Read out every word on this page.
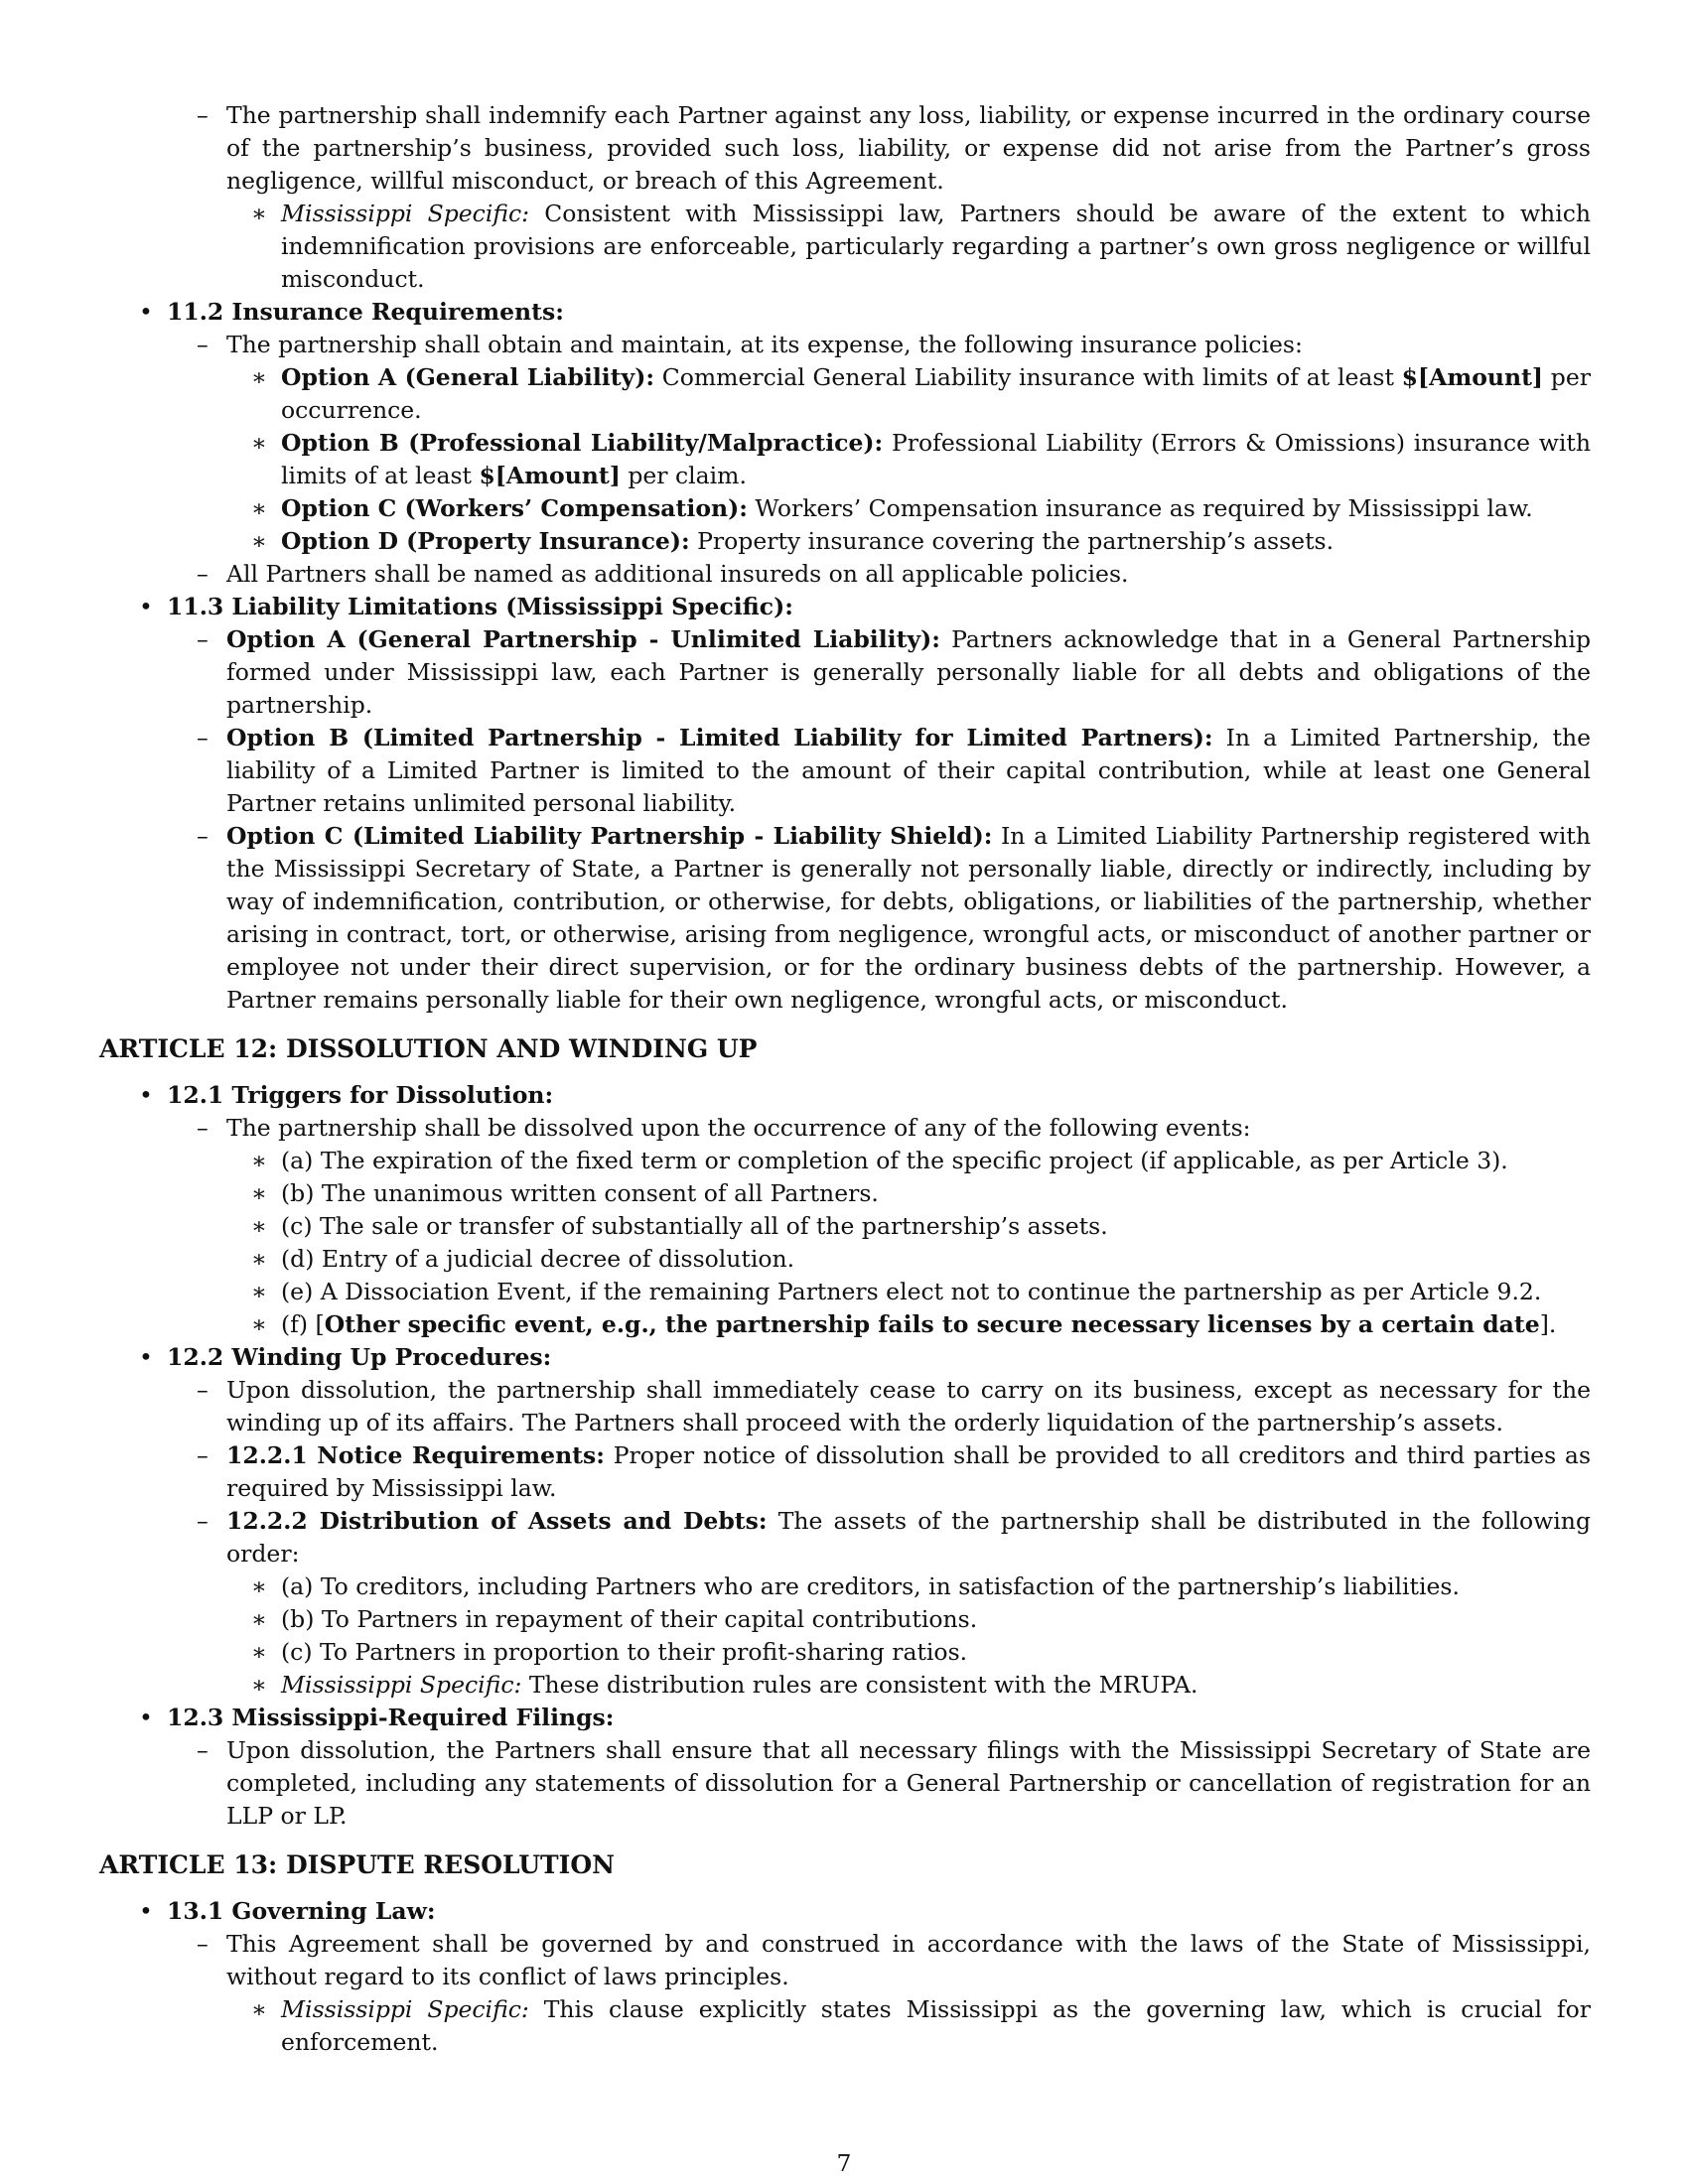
– The partnership shall indemnify each Partner against any loss, liability, or expense incurred in the ordinary course of the partnership’s business, provided such loss, liability, or expense did not arise from the Partner’s gross negligence, willful misconduct, or breach of this Agreement.
∗ Mississippi Specific: Consistent with Mississippi law, Partners should be aware of the extent to which indemnification provisions are enforceable, particularly regarding a partner’s own gross negligence or willful misconduct.
• 11.2 Insurance Requirements:
– The partnership shall obtain and maintain, at its expense, the following insurance policies:
∗ Option A (General Liability): Commercial General Liability insurance with limits of at least $[Amount] per occurrence.
∗ Option B (Professional Liability/Malpractice): Professional Liability (Errors & Omissions) insurance with limits of at least $[Amount] per claim.
∗ Option C (Workers’ Compensation): Workers’ Compensation insurance as required by Mississippi law.
∗ Option D (Property Insurance): Property insurance covering the partnership’s assets.
– All Partners shall be named as additional insureds on all applicable policies.
• 11.3 Liability Limitations (Mississippi Specific):
– Option A (General Partnership - Unlimited Liability): Partners acknowledge that in a General Partnership formed under Mississippi law, each Partner is generally personally liable for all debts and obligations of the partnership.
– Option B (Limited Partnership - Limited Liability for Limited Partners): In a Limited Partnership, the liability of a Limited Partner is limited to the amount of their capital contribution, while at least one General Partner retains unlimited personal liability.
– Option C (Limited Liability Partnership - Liability Shield): In a Limited Liability Partnership registered with the Mississippi Secretary of State, a Partner is generally not personally liable, directly or indirectly, including by way of indemnification, contribution, or otherwise, for debts, obligations, or liabilities of the partnership, whether arising in contract, tort, or otherwise, arising from negligence, wrongful acts, or misconduct of another partner or employee not under their direct supervision, or for the ordinary business debts of the partnership. However, a Partner remains personally liable for their own negligence, wrongful acts, or misconduct.
ARTICLE 12: DISSOLUTION AND WINDING UP
• 12.1 Triggers for Dissolution:
– The partnership shall be dissolved upon the occurrence of any of the following events:
∗ (a) The expiration of the fixed term or completion of the specific project (if applicable, as per Article 3).
∗ (b) The unanimous written consent of all Partners.
∗ (c) The sale or transfer of substantially all of the partnership’s assets.
∗ (d) Entry of a judicial decree of dissolution.
∗ (e) A Dissociation Event, if the remaining Partners elect not to continue the partnership as per Article 9.2.
∗ (f) [Other specific event, e.g., the partnership fails to secure necessary licenses by a certain date].
• 12.2 Winding Up Procedures:
– Upon dissolution, the partnership shall immediately cease to carry on its business, except as necessary for the winding up of its affairs. The Partners shall proceed with the orderly liquidation of the partnership’s assets.
– 12.2.1 Notice Requirements: Proper notice of dissolution shall be provided to all creditors and third parties as required by Mississippi law.
– 12.2.2 Distribution of Assets and Debts: The assets of the partnership shall be distributed in the following order:
∗ (a) To creditors, including Partners who are creditors, in satisfaction of the partnership’s liabilities.
∗ (b) To Partners in repayment of their capital contributions.
∗ (c) To Partners in proportion to their profit-sharing ratios.
∗ Mississippi Specific: These distribution rules are consistent with the MRUPA.
• 12.3 Mississippi-Required Filings:
– Upon dissolution, the Partners shall ensure that all necessary filings with the Mississippi Secretary of State are completed, including any statements of dissolution for a General Partnership or cancellation of registration for an LLP or LP.
ARTICLE 13: DISPUTE RESOLUTION
• 13.1 Governing Law:
– This Agreement shall be governed by and construed in accordance with the laws of the State of Mississippi, without regard to its conflict of laws principles.
∗ Mississippi Specific: This clause explicitly states Mississippi as the governing law, which is crucial for enforcement.
7
